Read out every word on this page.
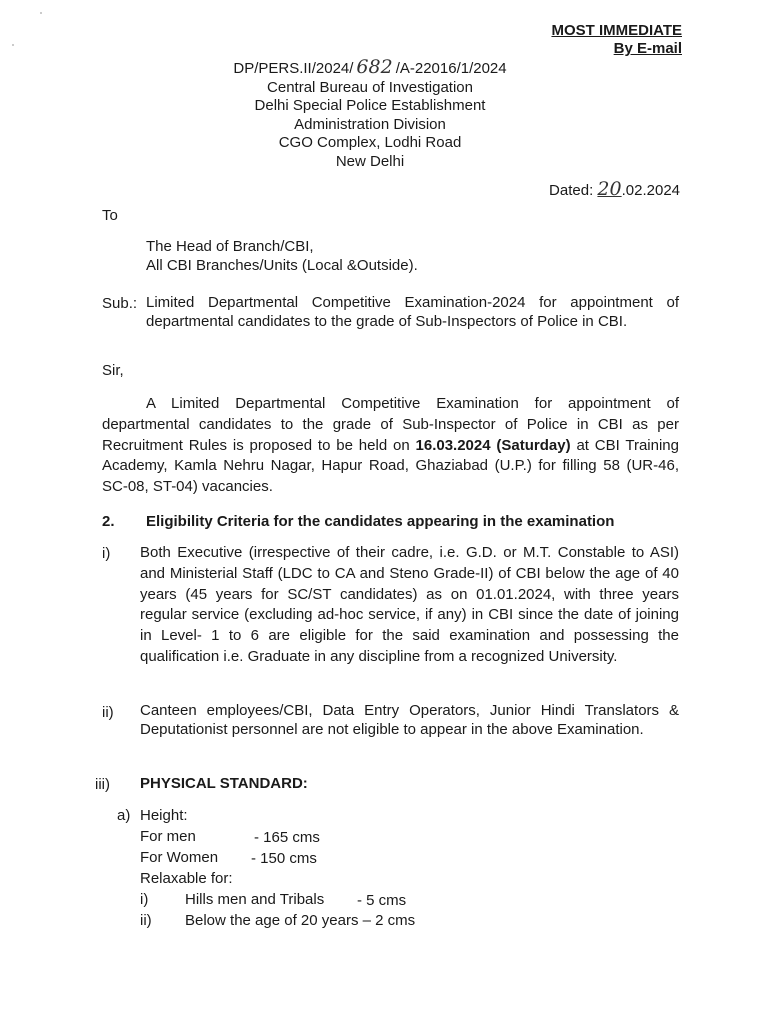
MOST IMMEDIATE
By E-mail
DP/PERS.II/2024/ 682 /A-22016/1/2024
Central Bureau of Investigation
Delhi Special Police Establishment
Administration Division
CGO Complex, Lodhi Road
New Delhi
Dated: 20.02.2024
To
The Head of Branch/CBI,
All CBI Branches/Units (Local &Outside).
Sub.: Limited Departmental Competitive Examination-2024 for appointment of departmental candidates to the grade of Sub-Inspectors of Police in CBI.
Sir,
A Limited Departmental Competitive Examination for appointment of departmental candidates to the grade of Sub-Inspector of Police in CBI as per Recruitment Rules is proposed to be held on 16.03.2024 (Saturday) at CBI Training Academy, Kamla Nehru Nagar, Hapur Road, Ghaziabad (U.P.) for filling 58 (UR-46, SC-08, ST-04) vacancies.
2. Eligibility Criteria for the candidates appearing in the examination
i) Both Executive (irrespective of their cadre, i.e. G.D. or M.T. Constable to ASI) and Ministerial Staff (LDC to CA and Steno Grade-II) of CBI below the age of 40 years (45 years for SC/ST candidates) as on 01.01.2024, with three years regular service (excluding ad-hoc service, if any) in CBI since the date of joining in Level- 1 to 6 are eligible for the said examination and possessing the qualification i.e. Graduate in any discipline from a recognized University.
ii) Canteen employees/CBI, Data Entry Operators, Junior Hindi Translators & Deputationist personnel are not eligible to appear in the above Examination.
iii) PHYSICAL STANDARD:
a) Height:
For men	- 165 cms
For Women - 150 cms
Relaxable for:
i) Hills men and Tribals - 5 cms
ii) Below the age of 20 years – 2 cms
